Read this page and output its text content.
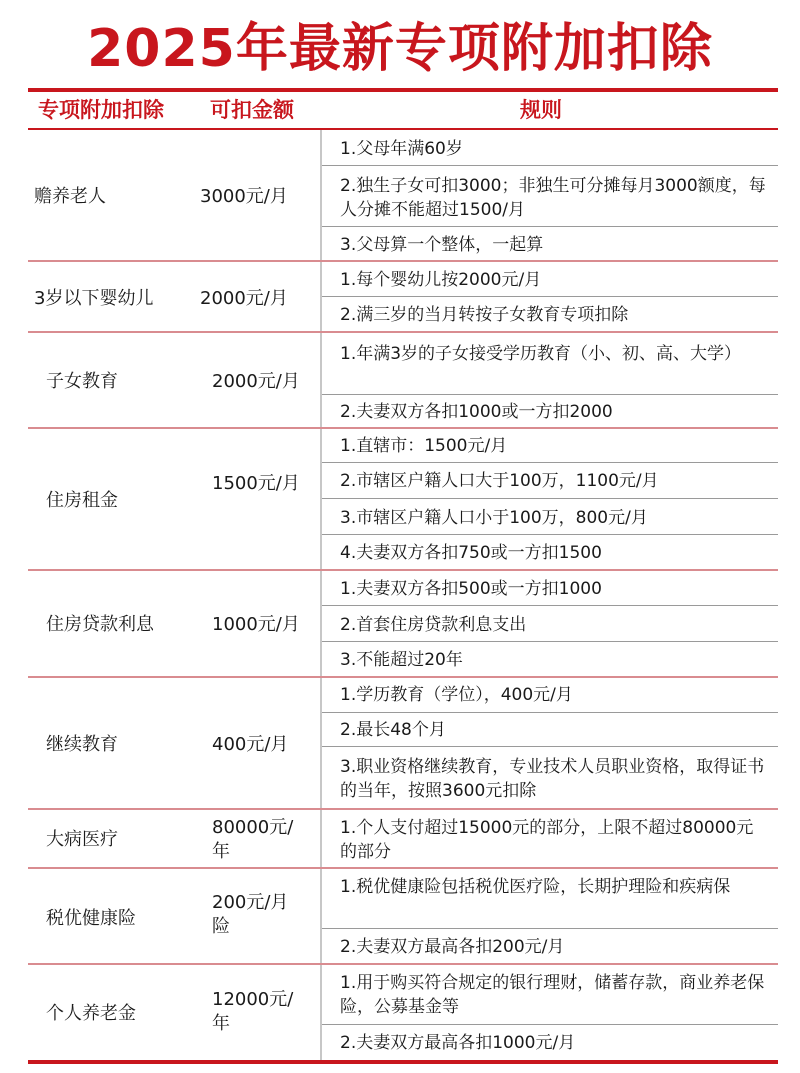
2025年最新专项附加扣除
专项附加扣除 可扣金额	规则
赡养老人	3000元/月
1.父母年满60岁
2.独生子女可扣3000；非独生可分摊每月3000额度，每人分摊不能超过1500/月
3.父母算一个整体，一起算
3岁以下婴幼儿	2000元/月
1.每个婴幼儿按2000元/月
2.满三岁的当月转按子女教育专项扣除
子女教育	2000元/月
1.年满3岁的子女接受学历教育（小、初、高、大学）
2.夫妻双方各扣1000或一方扣2000
住房租金
1500元/月
1.直辖市：1500元/月
2.市辖区户籍人口大于100万，1100元/月
3.市辖区户籍人口小于100万，800元/月
4.夫妻双方各扣750或一方扣1500
住房贷款利息	1000元/月
1.夫妻双方各扣500或一方扣1000
2.首套住房贷款利息支出
3.不能超过20年
继续教育	400元/月
1.学历教育（学位），400元/月
2.最长48个月
3.职业资格继续教育，专业技术人员职业资格，取得证书的当年，按照3600元扣除
大病医疗
80000元/年
1.个人支付超过15000元的部分，上限不超过80000元的部分
税优健康险
200元/月险
1.税优健康险包括税优医疗险，长期护理险和疾病保
2.夫妻双方最高各扣200元/月
个人养老金
12000元/年
1.用于购买符合规定的银行理财，储蓄存款，商业养老保险，公募基金等
2.夫妻双方最高各扣1000元/月
